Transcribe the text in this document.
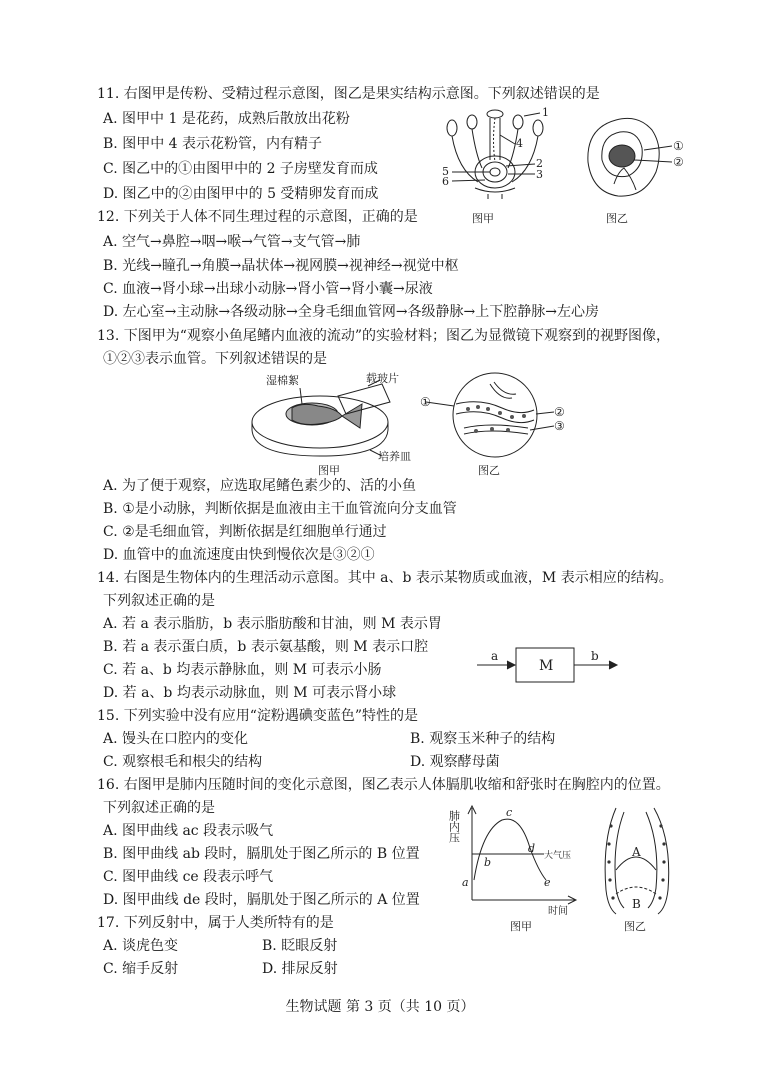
11. 右图甲是传粉、受精过程示意图，图乙是果实结构示意图。下列叙述错误的是
A. 图甲中 1 是花药，成熟后散放出花粉
B. 图甲中 4 表示花粉管，内有精子
C. 图乙中的①由图甲中的 2 子房壁发育而成
D. 图乙中的②由图甲中的 5 受精卵发育而成
1
4
2
3
5
6
图甲
①
②
图乙
12. 下列关于人体不同生理过程的示意图，正确的是
A. 空气→鼻腔→咽→喉→气管→支气管→肺
B. 光线→瞳孔→角膜→晶状体→视网膜→视神经→视觉中枢
C. 血液→肾小球→出球小动脉→肾小管→肾小囊→尿液
D. 左心室→主动脉→各级动脉→全身毛细血管网→各级静脉→上下腔静脉→左心房
13. 下图甲为“观察小鱼尾鳍内血液的流动”的实验材料；图乙为显微镜下观察到的视野图像，
①②③表示血管。下列叙述错误的是
湿棉絮	载玻片
培养皿
图甲
①
②
③
图乙
A. 为了便于观察，应选取尾鳍色素少的、活的小鱼
B. ①是小动脉，判断依据是血液由主干血管流向分支血管
C. ②是毛细血管，判断依据是红细胞单行通过
D. 血管中的血流速度由快到慢依次是③②①
14. 右图是生物体内的生理活动示意图。其中 a、b 表示某物质或血液，M 表示相应的结构。
下列叙述正确的是
A. 若 a 表示脂肪，b 表示脂肪酸和甘油，则 M 表示胃
B. 若 a 表示蛋白质，b 表示氨基酸，则 M 表示口腔
C. 若 a、b 均表示静脉血，则 M 可表示小肠
D. 若 a、b 均表示动脉血，则 M 可表示肾小球
a
M
b
15. 下列实验中没有应用“淀粉遇碘变蓝色”特性的是
A. 馒头在口腔内的变化	B. 观察玉米种子的结构
C. 观察根毛和根尖的结构	D. 观察酵母菌
16. 右图甲是肺内压随时间的变化示意图，图乙表示人体膈肌收缩和舒张时在胸腔内的位置。
下列叙述正确的是
A. 图甲曲线 ac 段表示吸气
B. 图甲曲线 ab 段时，膈肌处于图乙所示的 B 位置
C. 图甲曲线 ce 段表示呼气
D. 图甲曲线 de 段时，膈肌处于图乙所示的 A 位置
肺内压
大气压
时间
a
b
c
d
e
图甲
A
B
图乙
17. 下列反射中，属于人类所特有的是
A. 谈虎色变	B. 眨眼反射
C. 缩手反射	D. 排尿反射
生物试题 第 3 页（共 10 页）
